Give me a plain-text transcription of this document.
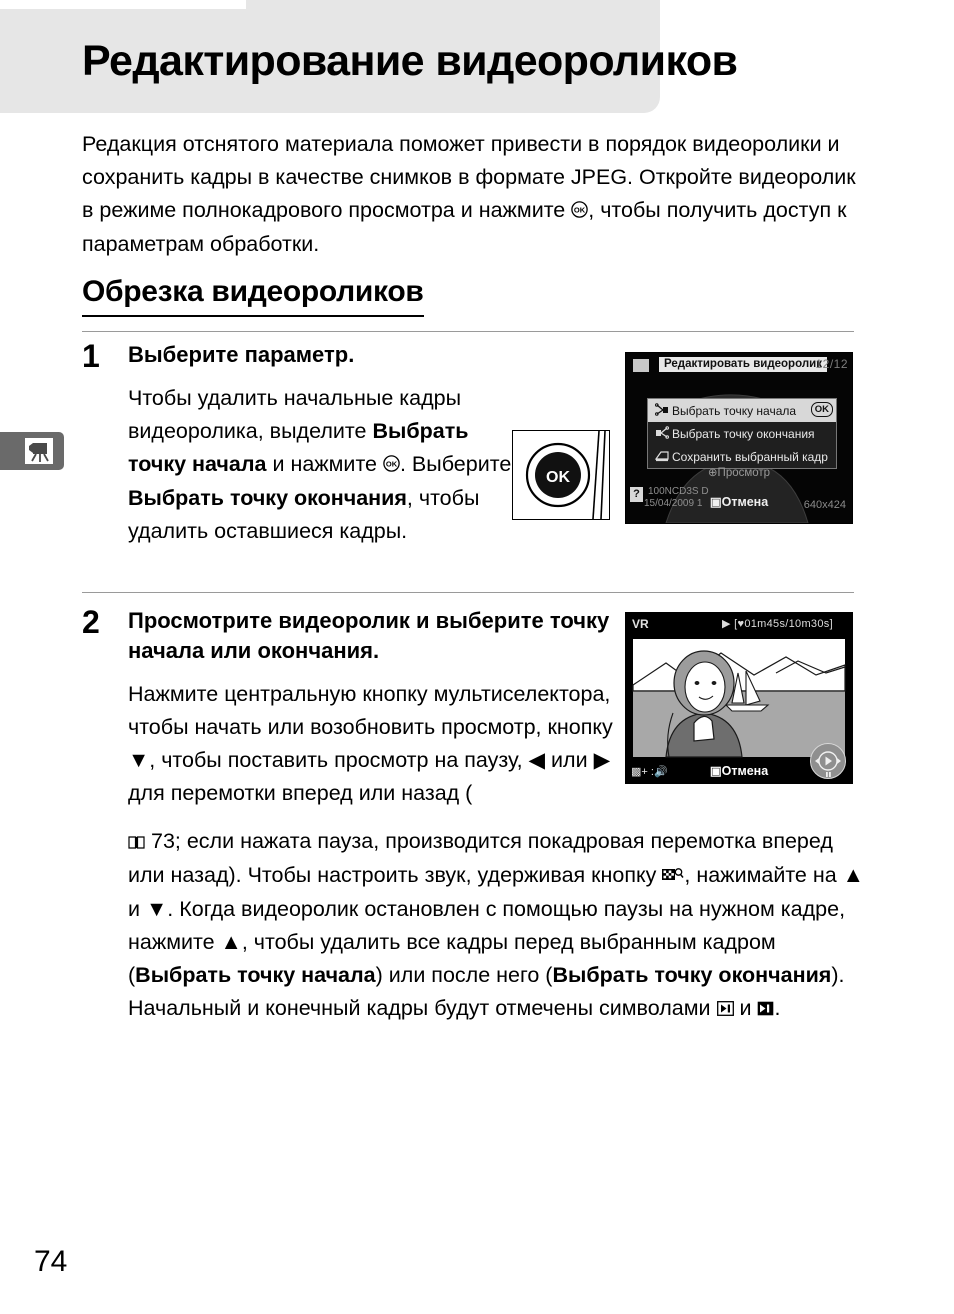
Редактирование видеороликов
Редакция отснятого материала поможет привести в порядок видеоролики и сохранить кадры в качестве снимков в формате JPEG. Откройте видеоролик в режиме полнокадрового просмотра и нажмите OK , чтобы получить доступ к параметрам обработки.
Обрезка видеороликов
1 Выберите параметр.
Чтобы удалить начальные кадры видеоролика, выделите Выбрать точку начала и нажмите OK . Выберите Выбрать точку окончания, чтобы удалить оставшиеся кадры.
OK
Редактировать видеоролик
12/12
Выбрать точку начала	OK
Выбрать точку окончания
Сохранить выбранный кадр
⊕Просмотр
? 100NCD3S D
15/04/2009 1 ▣Отмена	640x424
2 Просмотрите видеоролик и выберите точку начала или окончания.
Нажмите центральную кнопку мультиселектора, чтобы начать или возобновить просмотр, кнопку ▼, чтобы поставить просмотр на паузу, ◀ или ▶ для перемотки вперед или назад (
73; если нажата пауза, производится покадровая перемотка вперед или назад). Чтобы настроить звук, удерживая кнопку , нажимайте на ▲ и ▼. Когда видеоролик остановлен с помощью паузы на нужном кадре, нажмите ▲, чтобы удалить все кадры перед выбранным кадром (Выбрать точку начала) или после него (Выбрать точку окончания). Начальный и конечный кадры будут отмечены символами  и .
VR	▶ [♥01m45s/10m30s]
▩+ :🔊	▣Отмена
74
